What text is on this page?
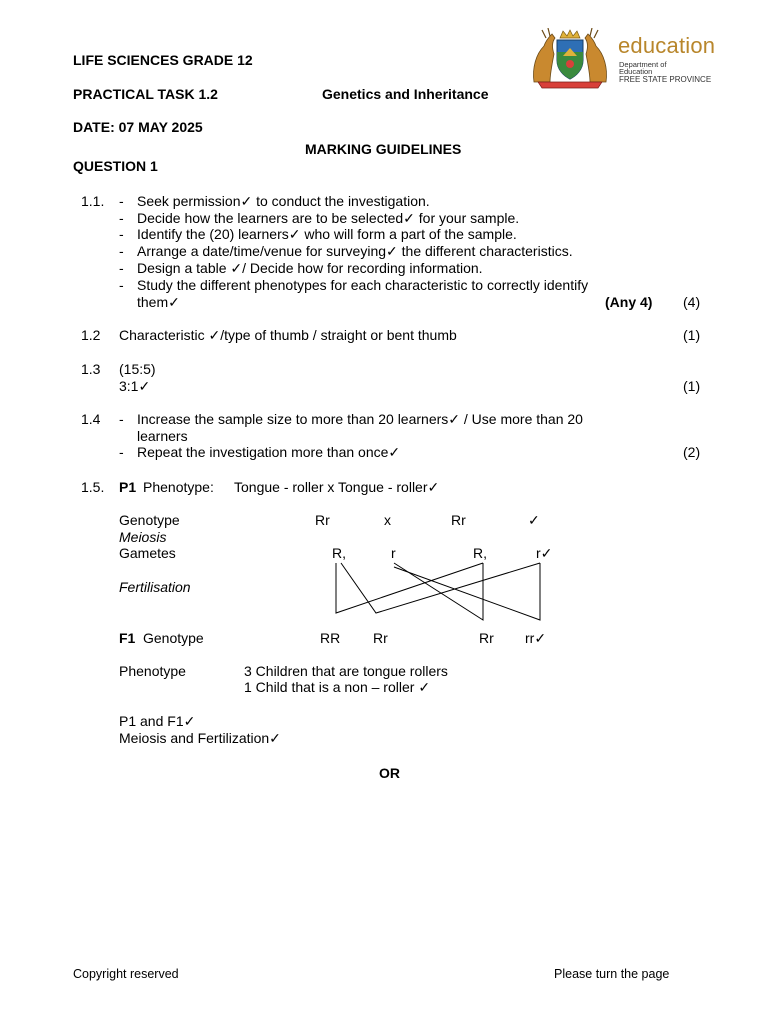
LIFE SCIENCES GRADE 12
PRACTICAL TASK 1.2	Genetics and Inheritance
DATE: 07 MAY 2025
MARKING GUIDELINES
QUESTION 1
education
Department of
Education
FREE STATE PROVINCE
1.1. - Seek permission✓ to conduct the investigation.
- Decide how the learners are to be selected✓ for your sample.
- Identify the (20) learners✓ who will form a part of the sample.
- Arrange a date/time/venue for surveying✓ the different characteristics.
- Design a table ✓/ Decide how for recording information.
- Study the different phenotypes for each characteristic to correctly identify
them✓	(Any 4) (4)
1.2 Characteristic ✓/type of thumb / straight or bent thumb	(1)
1.3 (15:5)
3:1✓	(1)
1.4 - Increase the sample size to more than 20 learners✓ / Use more than 20
learners
- Repeat the investigation more than once✓	(2)
1.5. P1 Phenotype: Tongue - roller x Tongue - roller✓
Genotype	Rr	x	Rr	✓
Meiosis
Gametes	R,	r	R,	r✓
Fertilisation
F1 Genotype	RR Rr	Rr rr✓
Phenotype	3 Children that are tongue rollers
1 Child that is a non – roller ✓
P1 and F1✓
Meiosis and Fertilization✓
OR
Copyright reserved	Please turn the page
